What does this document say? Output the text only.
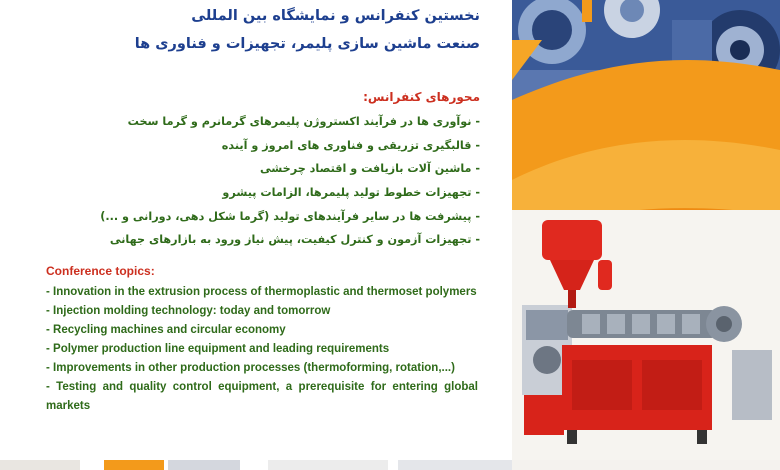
نخستین کنفرانس و نمایشگاه بین المللی
صنعت ماشین سازی پلیمر، تجهیزات و فناوری ها
محورهای کنفرانس:
- نوآوری ها در فرآیند اکستروژن پلیمرهای گرمانرم و گرما سخت
- قالبگیری تزریقی و فناوری های امروز و آینده
- ماشین آلات بازیافت و اقتصاد چرخشی
- تجهیزات خطوط تولید پلیمرها، الزامات پیشرو
- پیشرفت ها در سایر فرآیندهای تولید (گرما شکل دهی، دورانی و ...)
- تجهیزات آزمون و کنترل کیفیت، پیش نیاز ورود به بازارهای جهانی
Conference topics:
- Innovation in the extrusion process of thermoplastic and thermoset polymers
- Injection molding technology: today and tomorrow
- Recycling machines and circular economy
- Polymer production line equipment and leading requirements
- Improvements in other production processes (thermoforming, rotation,...)
- Testing and quality control equipment, a prerequisite for entering global markets
